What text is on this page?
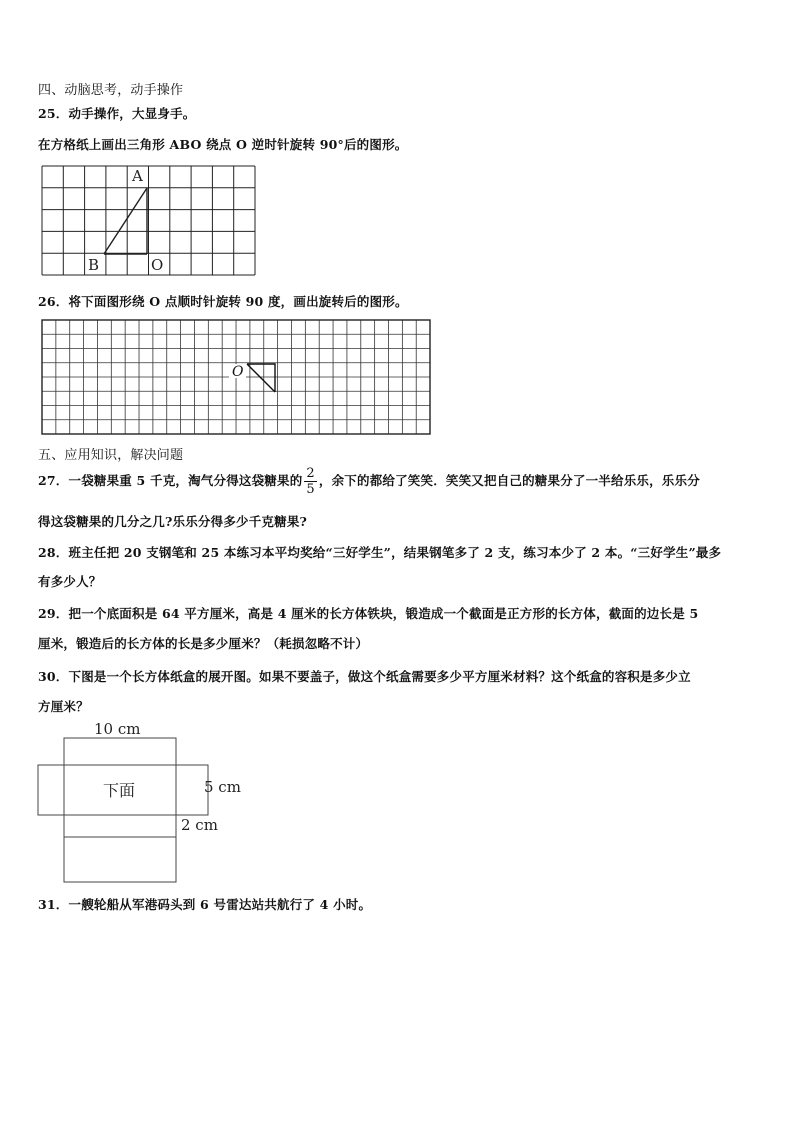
四、动脑思考，动手操作
25．动手操作，大显身手。
在方格纸上画出三角形 ABO 绕点 O 逆时针旋转 90°后的图形。
A
B	O
26．将下面图形绕 O 点顺时针旋转 90 度，画出旋转后的图形。
O
五、应用知识，解决问题
27．一袋糖果重 5 千克，淘气分得这袋糖果的 $\frac{2}{5}$ ，余下的都给了笑笑．笑笑又把自己的糖果分了一半给乐乐，乐乐分
得这袋糖果的几分之几?乐乐分得多少千克糖果?
28．班主任把 20 支钢笔和 25 本练习本平均奖给“三好学生”，结果钢笔多了 2 支，练习本少了 2 本。“三好学生”最多
有多少人？
29．把一个底面积是 64 平方厘米，高是 4 厘米的长方体铁块，锻造成一个截面是正方形的长方体，截面的边长是 5
厘米，锻造后的长方体的长是多少厘米？（耗损忽略不计）
30．下图是一个长方体纸盒的展开图。如果不要盖子，做这个纸盒需要多少平方厘米材料？这个纸盒的容积是多少立
方厘米？
10 cm
下面	5 cm
2 cm
31．一艘轮船从军港码头到 6 号雷达站共航行了 4 小时。
